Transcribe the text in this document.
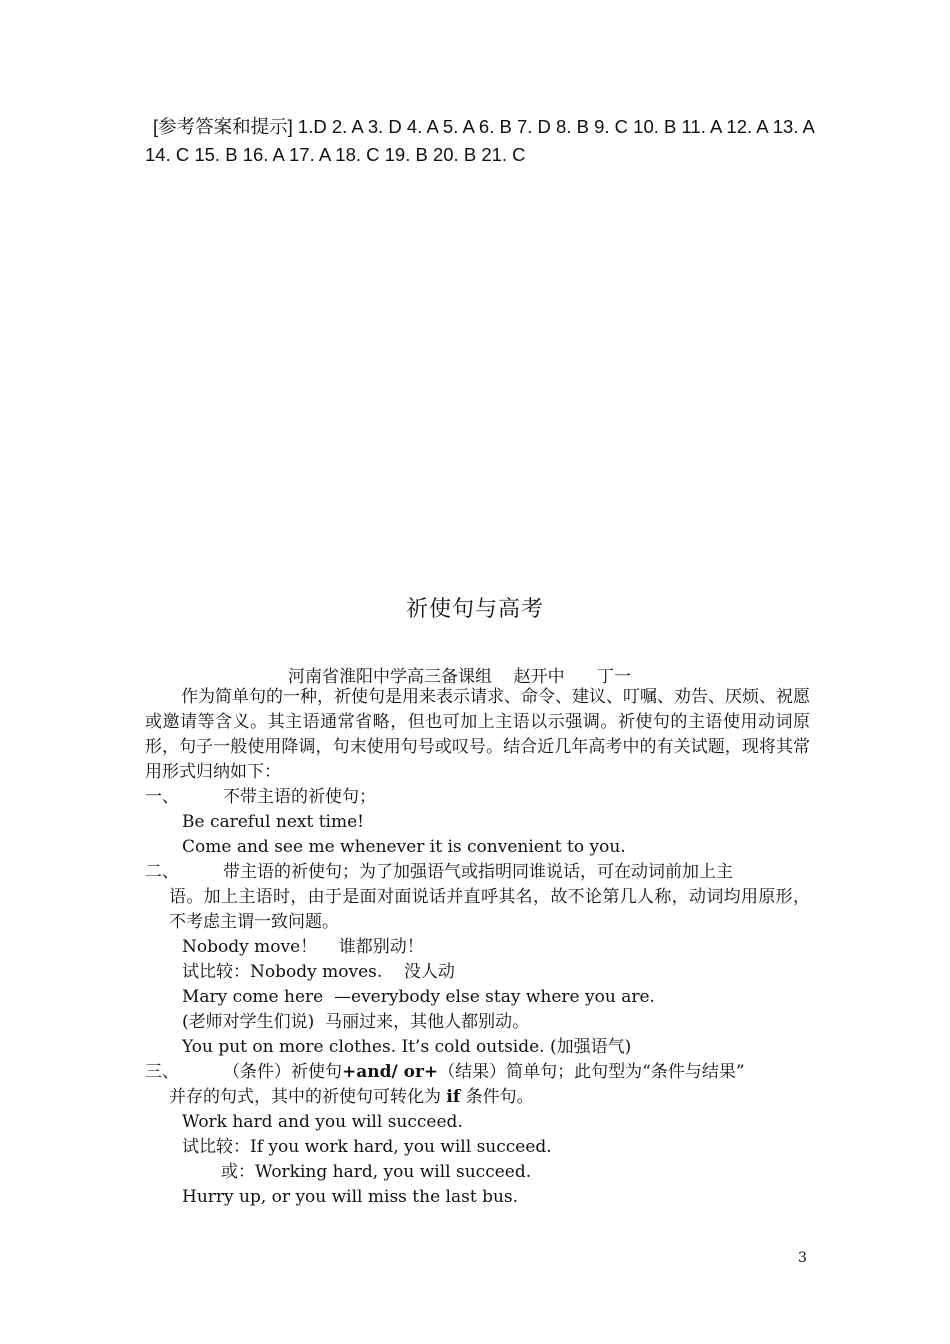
[参考答案和提示] 1.D 2. A 3. D 4. A 5. A 6. B 7. D 8. B 9. C 10. B 11. A 12. A 13. A 14. C 15. B 16. A 17. A 18. C 19. B 20. B 21. C
祈使句与高考
河南省淮阳中学高三备课组    赵开中      丁一

作为简单句的一种，祈使句是用来表示请求、命令、建议、叮嘱、劝告、厌烦、祝愿或邀请等含义。其主语通常省略，但也可加上主语以示强调。祈使句的主语使用动词原形，句子一般使用降调，句末使用句号或叹号。结合近几年高考中的有关试题，现将其常用形式归纳如下：

一、	不带主语的祈使句；

Be careful next time!

Come and see me whenever it is convenient to you.

二、	带主语的祈使句；为了加强语气或指明同谁说话，可在动词前加上主

语。加上主语时，由于是面对面说话并直呼其名，故不论第几人称，动词均用原形，不考虑主谓一致问题。

Nobody move！    谁都别动！

试比较：Nobody moves.    没人动

Mary come here  —everybody else stay where you are.

(老师对学生们说)  马丽过来，其他人都别动。

You put on more clothes. It’s cold outside. (加强语气)

三、	（条件）祈使句+and/ or+（结果）简单句；此句型为“条件与结果”

并存的句式，其中的祈使句可转化为 if 条件句。

Work hard and you will succeed.

试比较：If you work hard, you will succeed.

或：Working hard, you will succeed.

Hurry up, or you will miss the last bus.

3
